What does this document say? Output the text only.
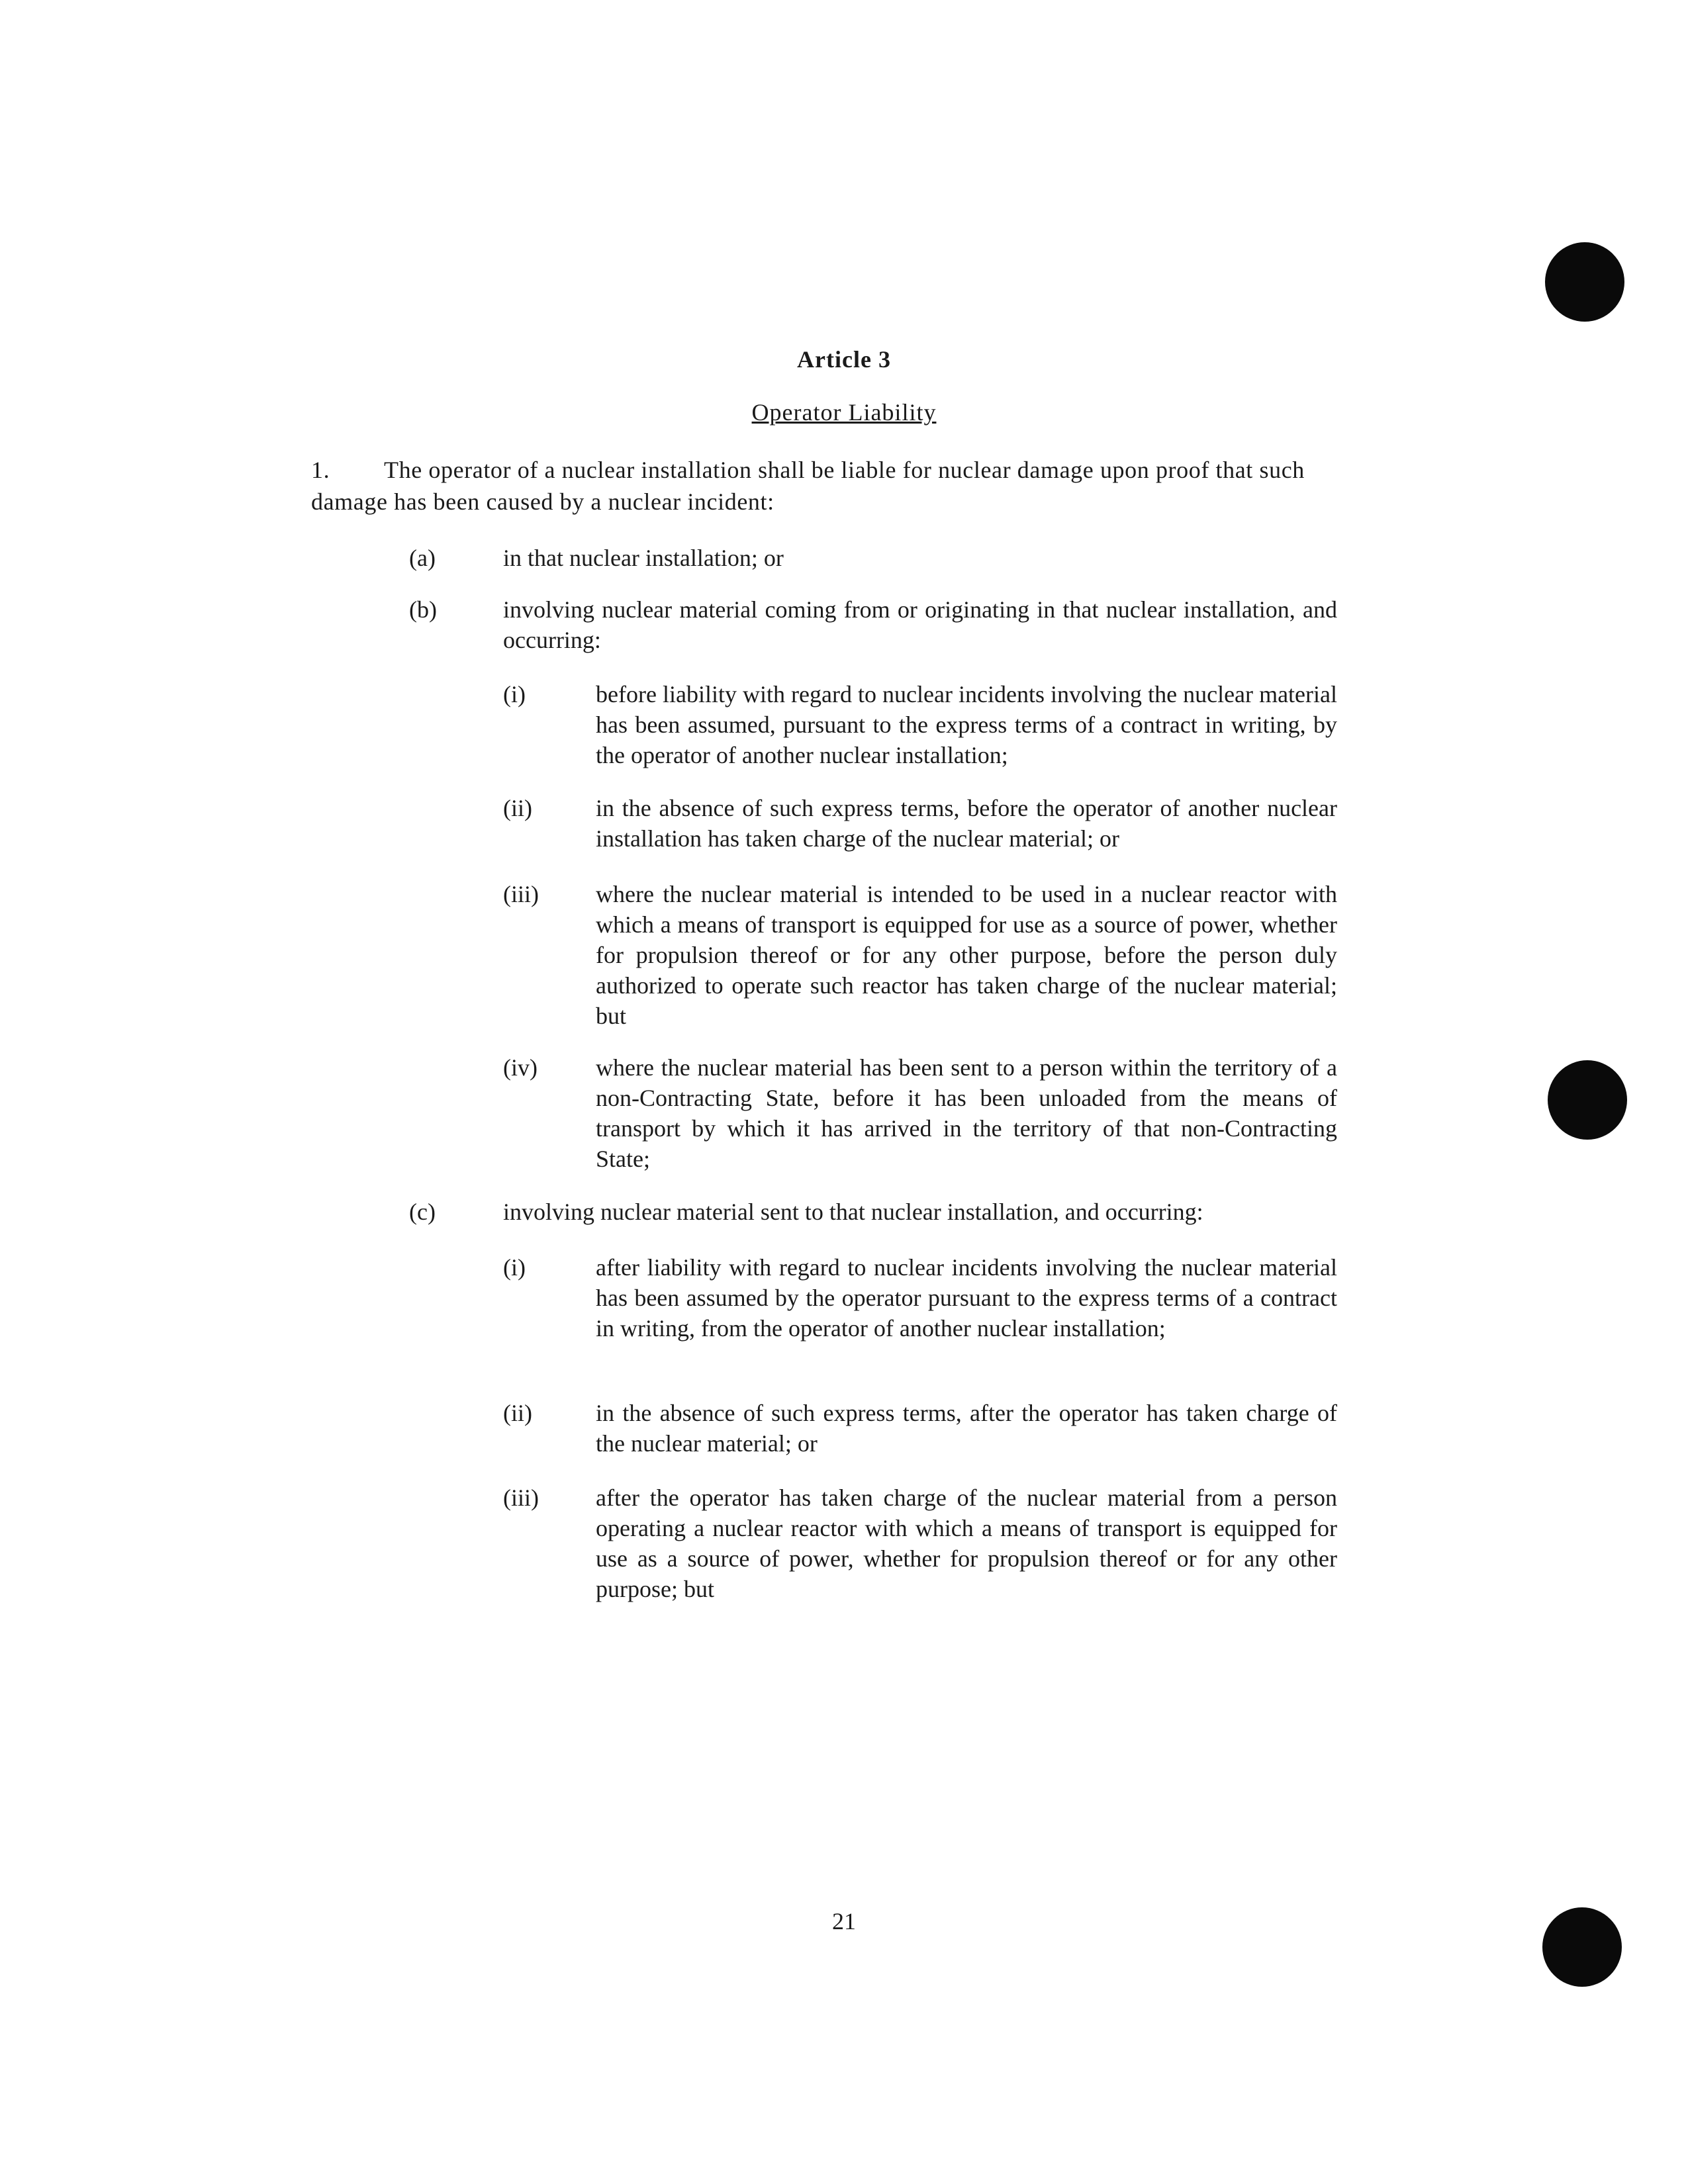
Article 3
Operator Liability
1. The operator of a nuclear installation shall be liable for nuclear damage upon proof that such damage has been caused by a nuclear incident:
(a)	in that nuclear installation; or
(b)	involving nuclear material coming from or originating in that nuclear installation, and occurring:
(i)	before liability with regard to nuclear incidents involving the nuclear material has been assumed, pursuant to the express terms of a contract in writing, by the operator of another nuclear installation;
(ii)	in the absence of such express terms, before the operator of another nuclear installation has taken charge of the nuclear material; or
(iii) where the nuclear material is intended to be used in a nuclear reactor with which a means of transport is equipped for use as a source of power, whether for propulsion thereof or for any other purpose, before the person duly authorized to operate such reactor has taken charge of the nuclear material; but
(iv) where the nuclear material has been sent to a person within the territory of a non-Contracting State, before it has been unloaded from the means of transport by which it has arrived in the territory of that non-Contracting State;
(c)	involving nuclear material sent to that nuclear installation, and occurring:
(i)	after liability with regard to nuclear incidents involving the nuclear material has been assumed by the operator pursuant to the express terms of a contract in writing, from the operator of another nuclear installation;
(ii)	in the absence of such express terms, after the operator has taken charge of the nuclear material; or
(iii) after the operator has taken charge of the nuclear material from a person operating a nuclear reactor with which a means of transport is equipped for use as a source of power, whether for propulsion thereof or for any other purpose; but
21
